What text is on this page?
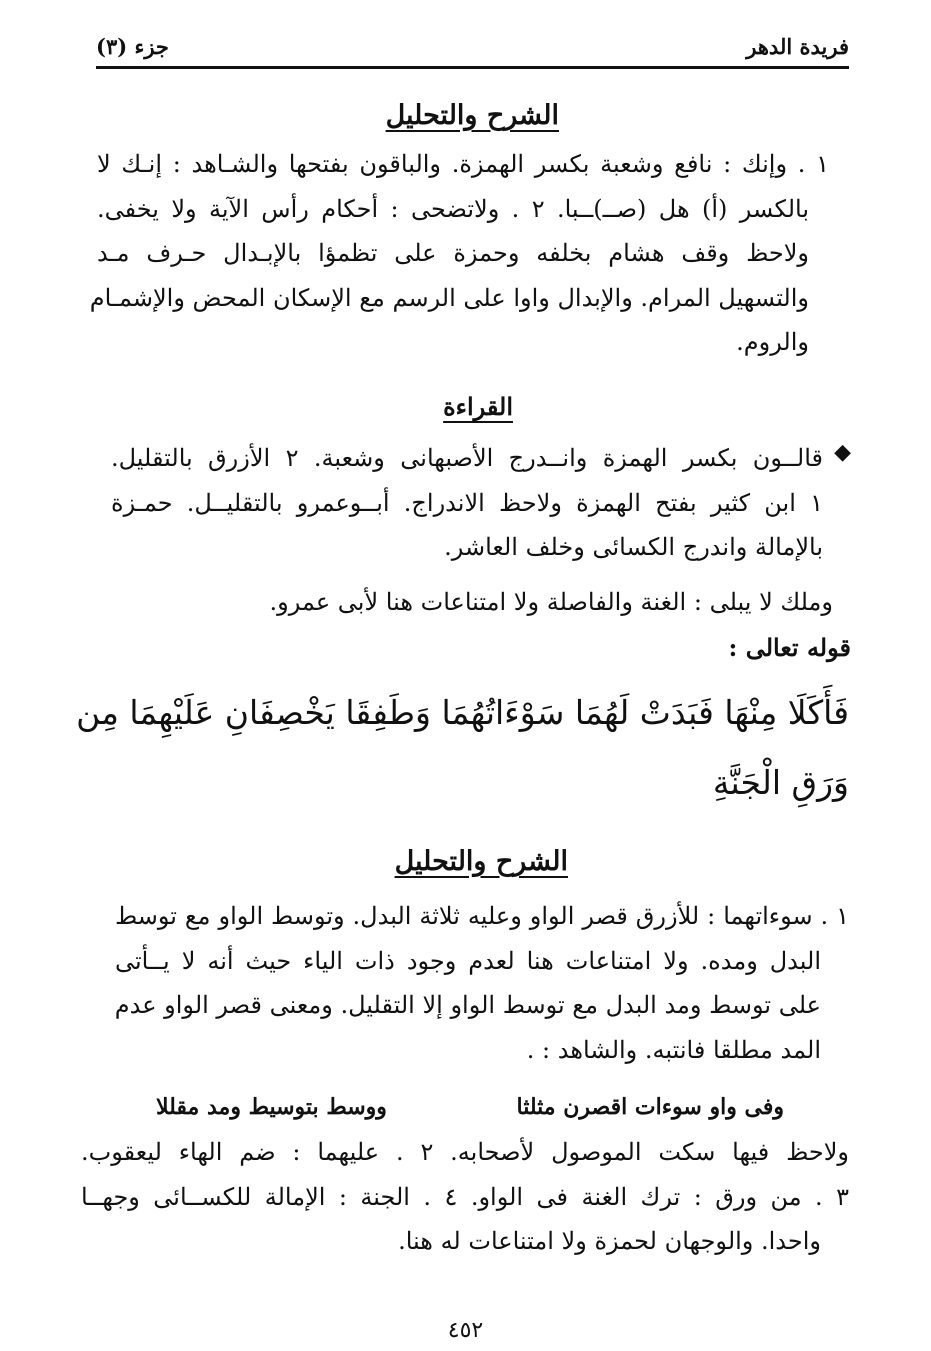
فريدة الدهر
جزء (٣)
الشرح والتحليل
١ . وإنك : نافع وشعبة بكسر الهمزة. والباقون بفتحها والشـاهد : إنـك لا
بالكسر (أ) هل (صــ)ــبا. ٢ . ولاتضحى : أحكام رأس الآية ولا يخفى.
ولاحظ وقف هشام بخلفه وحمزة على تظمؤا بالإبـدال حـرف مـد
والتسهيل المرام. والإبدال واوا على الرسم مع الإسكان المحض والإشمـام
والروم.
القراءة
◆
قالــون بكسر الهمزة وانــدرج الأصبهانى وشعبة. ٢ الأزرق بالتقليل.
١ ابن كثير بفتح الهمزة ولاحظ الاندراج. أبــوعمرو بالتقليــل. حمـزة
بالإمالة واندرج الكسائى وخلف العاشر.
وملك لا يبلى : الغنة والفاصلة ولا امتناعات هنا لأبى عمرو.
قوله تعالى :
فَأَكَلَا مِنْهَا فَبَدَتْ لَهُمَا سَوْءَاتُهُمَا وَطَفِقَا يَخْصِفَانِ عَلَيْهِمَا مِن
وَرَقِ الْجَنَّةِ
الشرح والتحليل
١ . سوءاتهما : للأزرق قصر الواو وعليه ثلاثة البدل. وتوسط الواو مع توسط
البدل ومده. ولا امتناعات هنا لعدم وجود ذات الياء حيث أنه لا يــأتى
على توسط ومد البدل مع توسط الواو إلا التقليل. ومعنى قصر الواو عدم
المد مطلقا فانتبه. والشاهد : .
وفى واو سوءات اقصرن مثلثا
ووسط بتوسيط ومد مقللا
ولاحظ فيها سكت الموصول لأصحابه. ٢ . عليهما : ضم الهاء ليعقوب.
٣ . من ورق : ترك الغنة فى الواو. ٤ . الجنة : الإمالة للكســائى وجهــا
واحدا. والوجهان لحمزة ولا امتناعات له هنا.
٤٥٢
